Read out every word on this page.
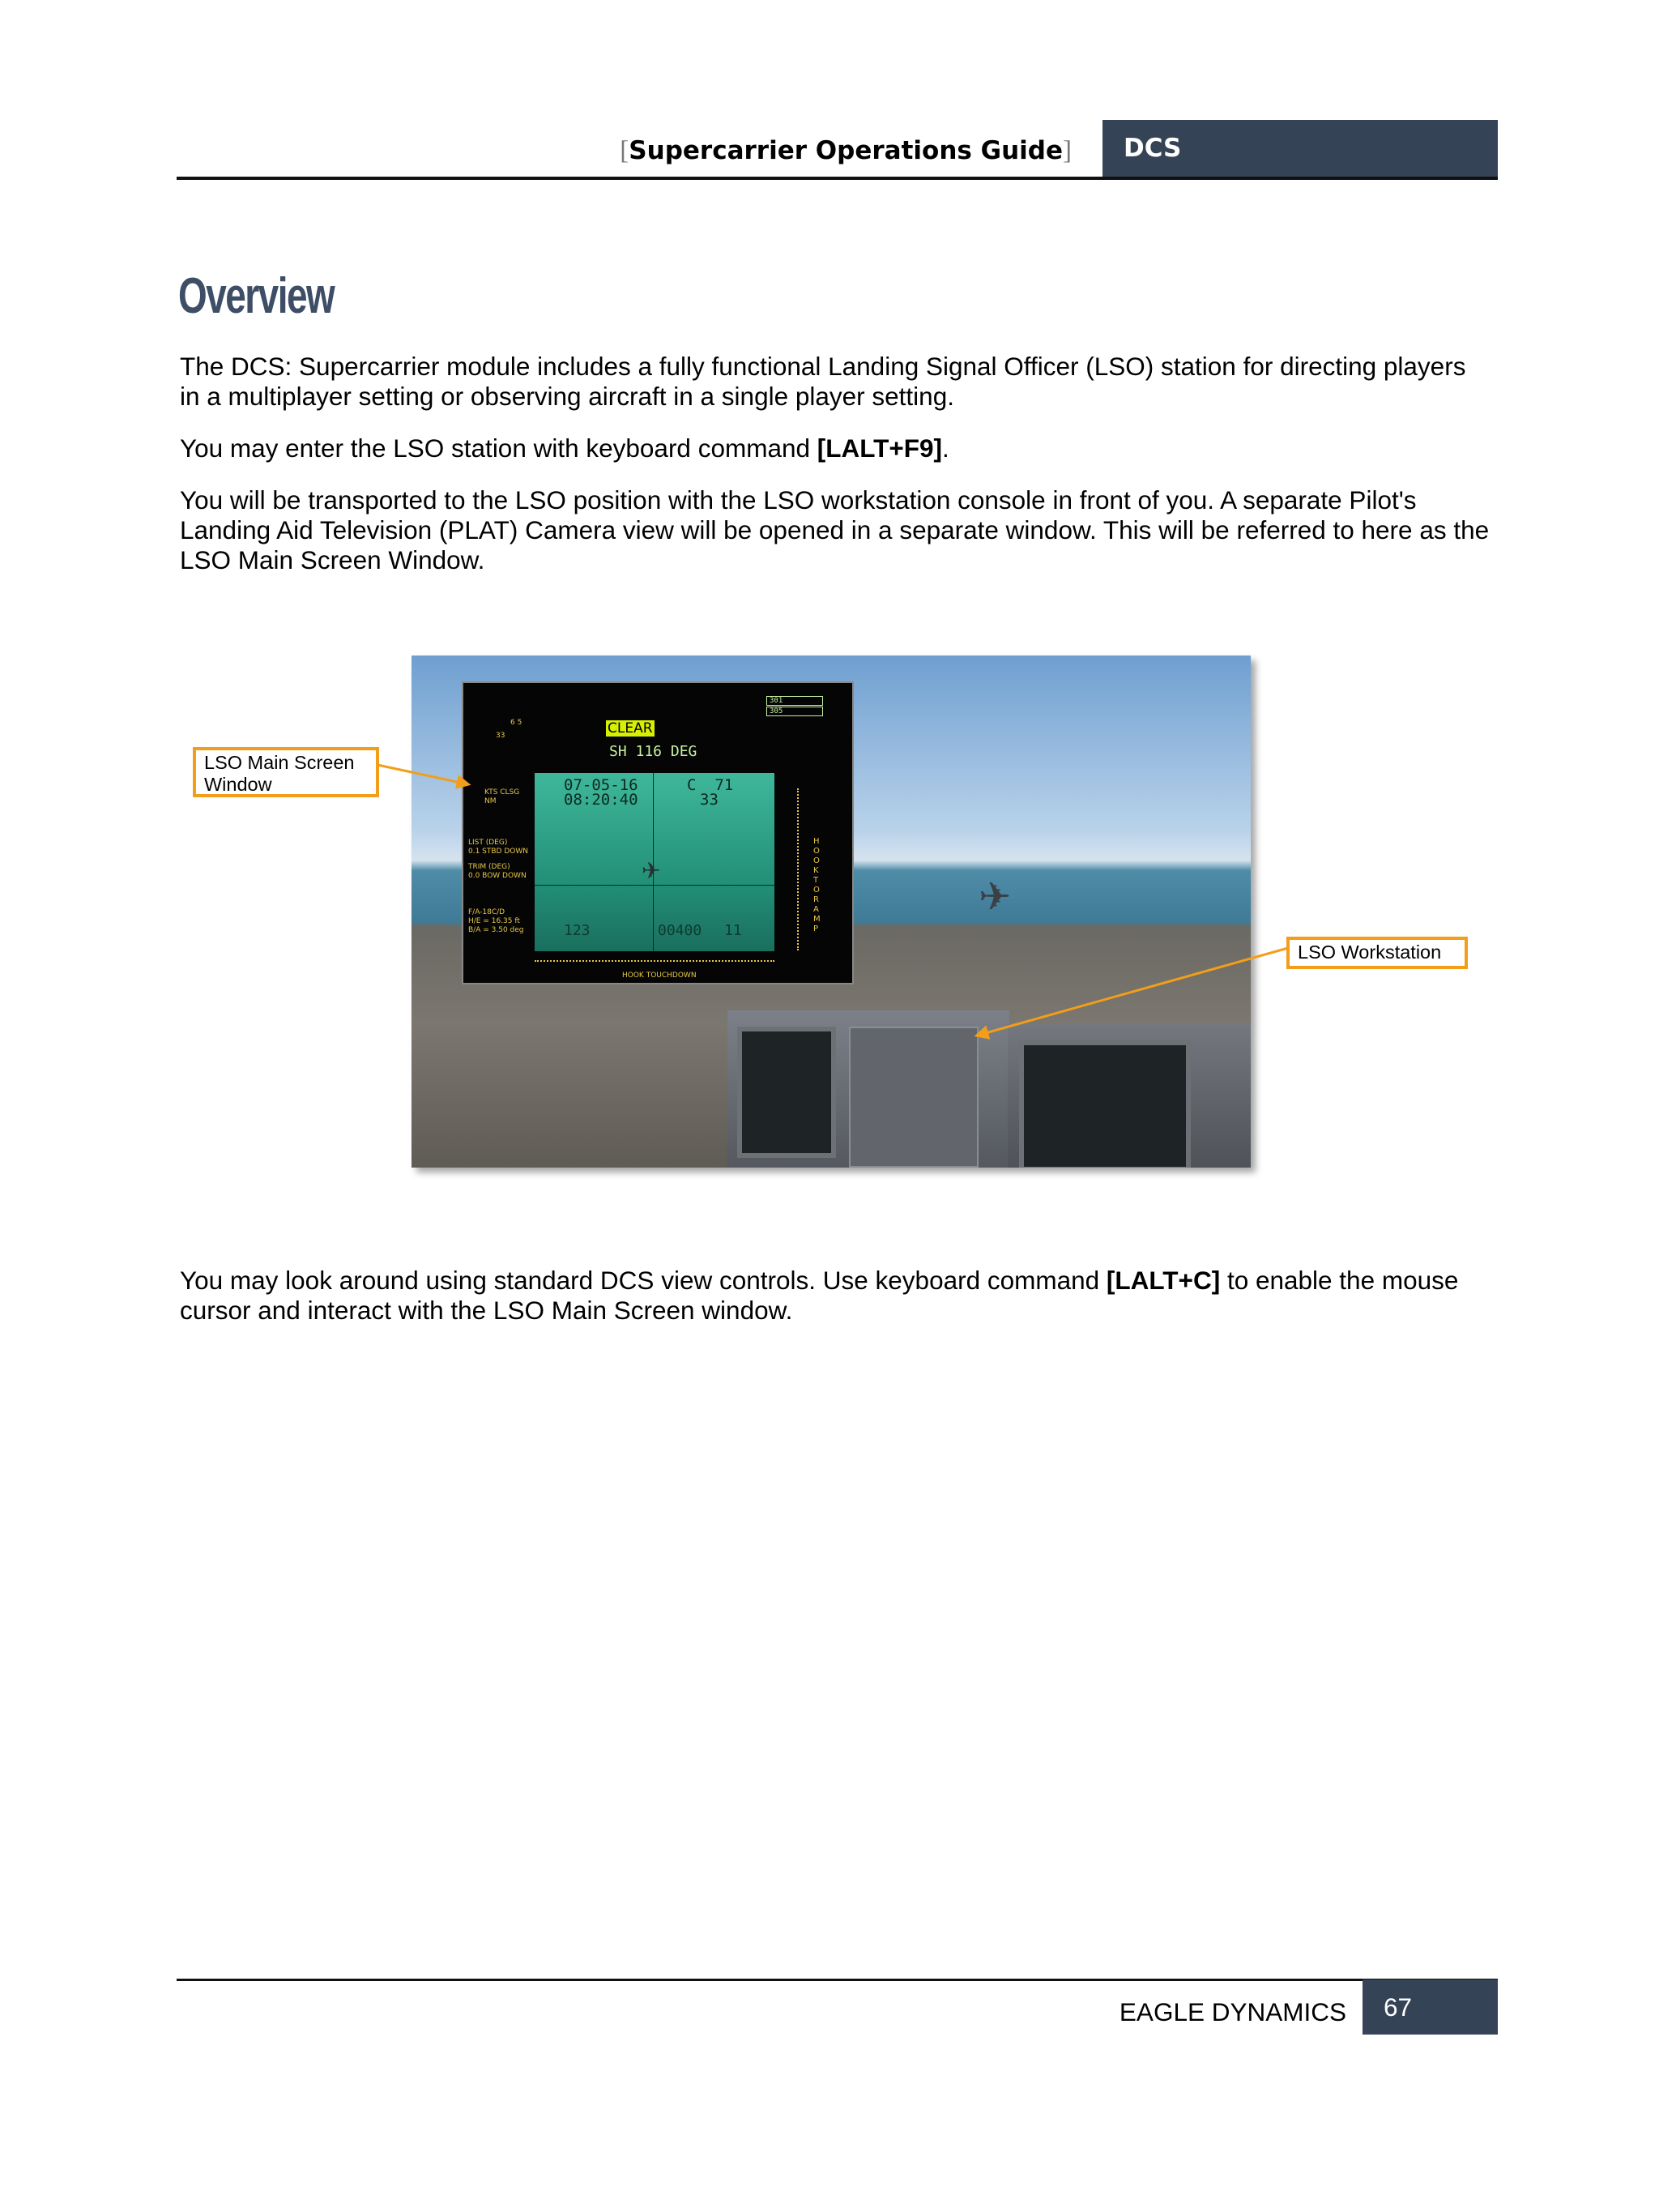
[Supercarrier Operations Guide]	DCS
Overview

The DCS: Supercarrier module includes a fully functional Landing Signal Officer (LSO) station for directing players in a multiplayer setting or observing aircraft in a single player setting.

You may enter the LSO station with keyboard command [LALT+F9].

You will be transported to the LSO position with the LSO workstation console in front of you. A separate Pilot's Landing Aid Television (PLAT) Camera view will be opened in a separate window. This will be referred to here as the LSO Main Screen Window.

CLEAR
SH 116 DEG
301
305
33
6 5
KTS CLSG
NM
LIST (DEG)
0.1 STBD DOWN
TRIM (DEG)
0.0 BOW DOWN
F/A-18C/D
H/E = 16.35 ft
B/A = 3.50 deg
07-05-16
08:20:40
C  71
33
✈
123	00400 11
HOOK TO RAMP
HOOK TOUCHDOWN
✈
LSO Main Screen Window
LSO Workstation

You may look around using standard DCS view controls. Use keyboard command [LALT+C] to enable the mouse cursor and interact with the LSO Main Screen window.

EAGLE DYNAMICS	67
